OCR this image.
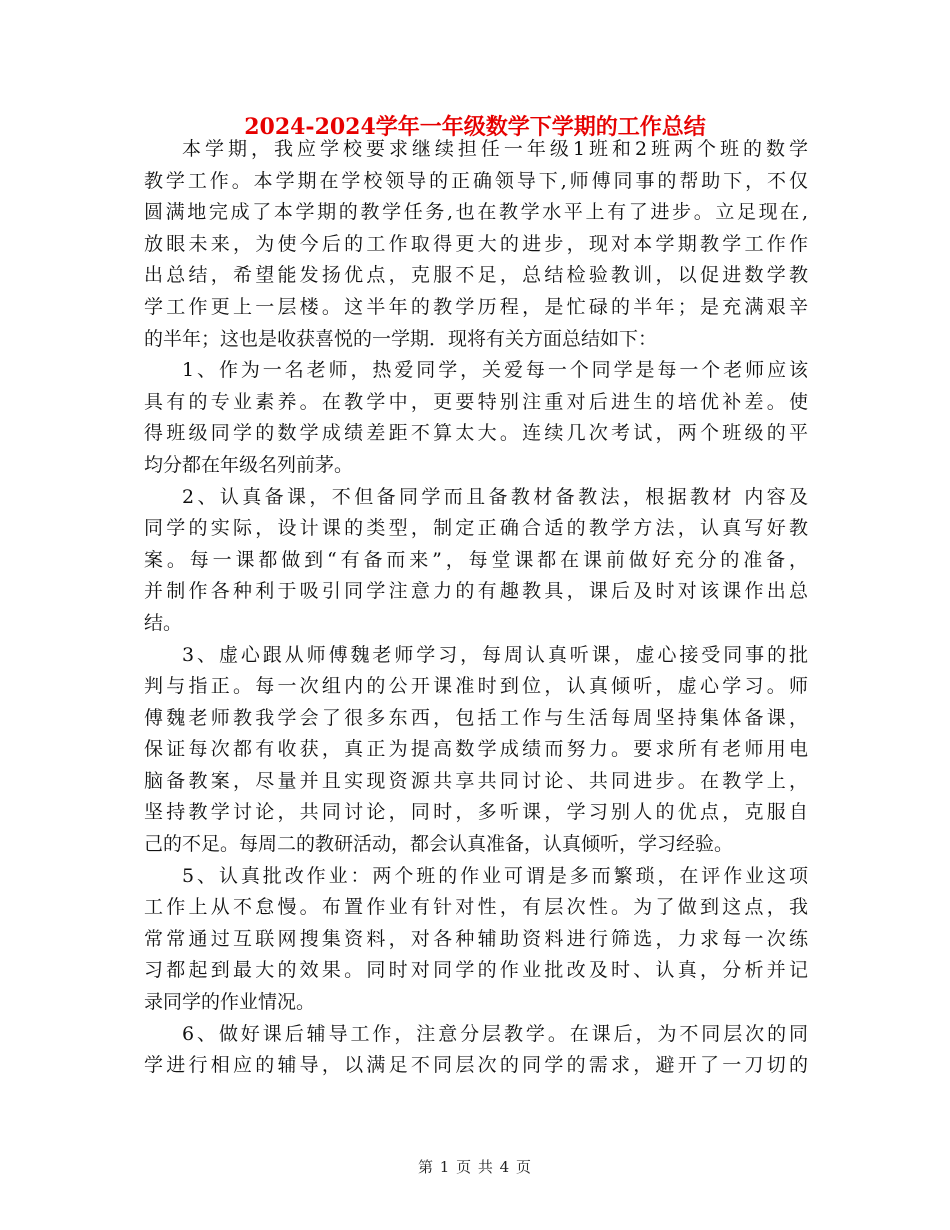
2024-2024学年一年级数学下学期的工作总结
本学期，我应学校要求继续担任一年级1班和2班两个班的数学
教学工作。本学期在学校领导的正确领导下,师傅同事的帮助下，不仅
圆满地完成了本学期的教学任务,也在教学水平上有了进步。立足现在,
放眼未来，为使今后的工作取得更大的进步，现对本学期教学工作作
出总结，希望能发扬优点，克服不足，总结检验教训，以促进数学教
学工作更上一层楼。这半年的教学历程，是忙碌的半年；是充满艰辛
的半年；这也是收获喜悦的一学期．现将有关方面总结如下：
1、作为一名老师，热爱同学，关爱每一个同学是每一个老师应该
具有的专业素养。在教学中，更要特别注重对后进生的培优补差。使
得班级同学的数学成绩差距不算太大。连续几次考试，两个班级的平
均分都在年级名列前茅。
2、认真备课，不但备同学而且备教材备教法，根据教材 内容及
同学的实际，设计课的类型，制定正确合适的教学方法，认真写好教
案。每一课都做到“有备而来”，每堂课都在课前做好充分的准备，
并制作各种利于吸引同学注意力的有趣教具，课后及时对该课作出总
结。
3、虚心跟从师傅魏老师学习，每周认真听课，虚心接受同事的批
判与指正。每一次组内的公开课准时到位，认真倾听，虚心学习。师
傅魏老师教我学会了很多东西，包括工作与生活每周坚持集体备课，
保证每次都有收获，真正为提高数学成绩而努力。要求所有老师用电
脑备教案，尽量并且实现资源共享共同讨论、共同进步。在教学上，
坚持教学讨论，共同讨论，同时，多听课，学习别人的优点，克服自
己的不足。每周二的教研活动，都会认真准备，认真倾听，学习经验。
5、认真批改作业：两个班的作业可谓是多而繁琐，在评作业这项
工作上从不怠慢。布置作业有针对性，有层次性。为了做到这点，我
常常通过互联网搜集资料，对各种辅助资料进行筛选，力求每一次练
习都起到最大的效果。同时对同学的作业批改及时、认真，分析并记
录同学的作业情况。
6、做好课后辅导工作，注意分层教学。在课后，为不同层次的同
学进行相应的辅导，以满足不同层次的同学的需求，避开了一刀切的
第 1 页 共 4 页
